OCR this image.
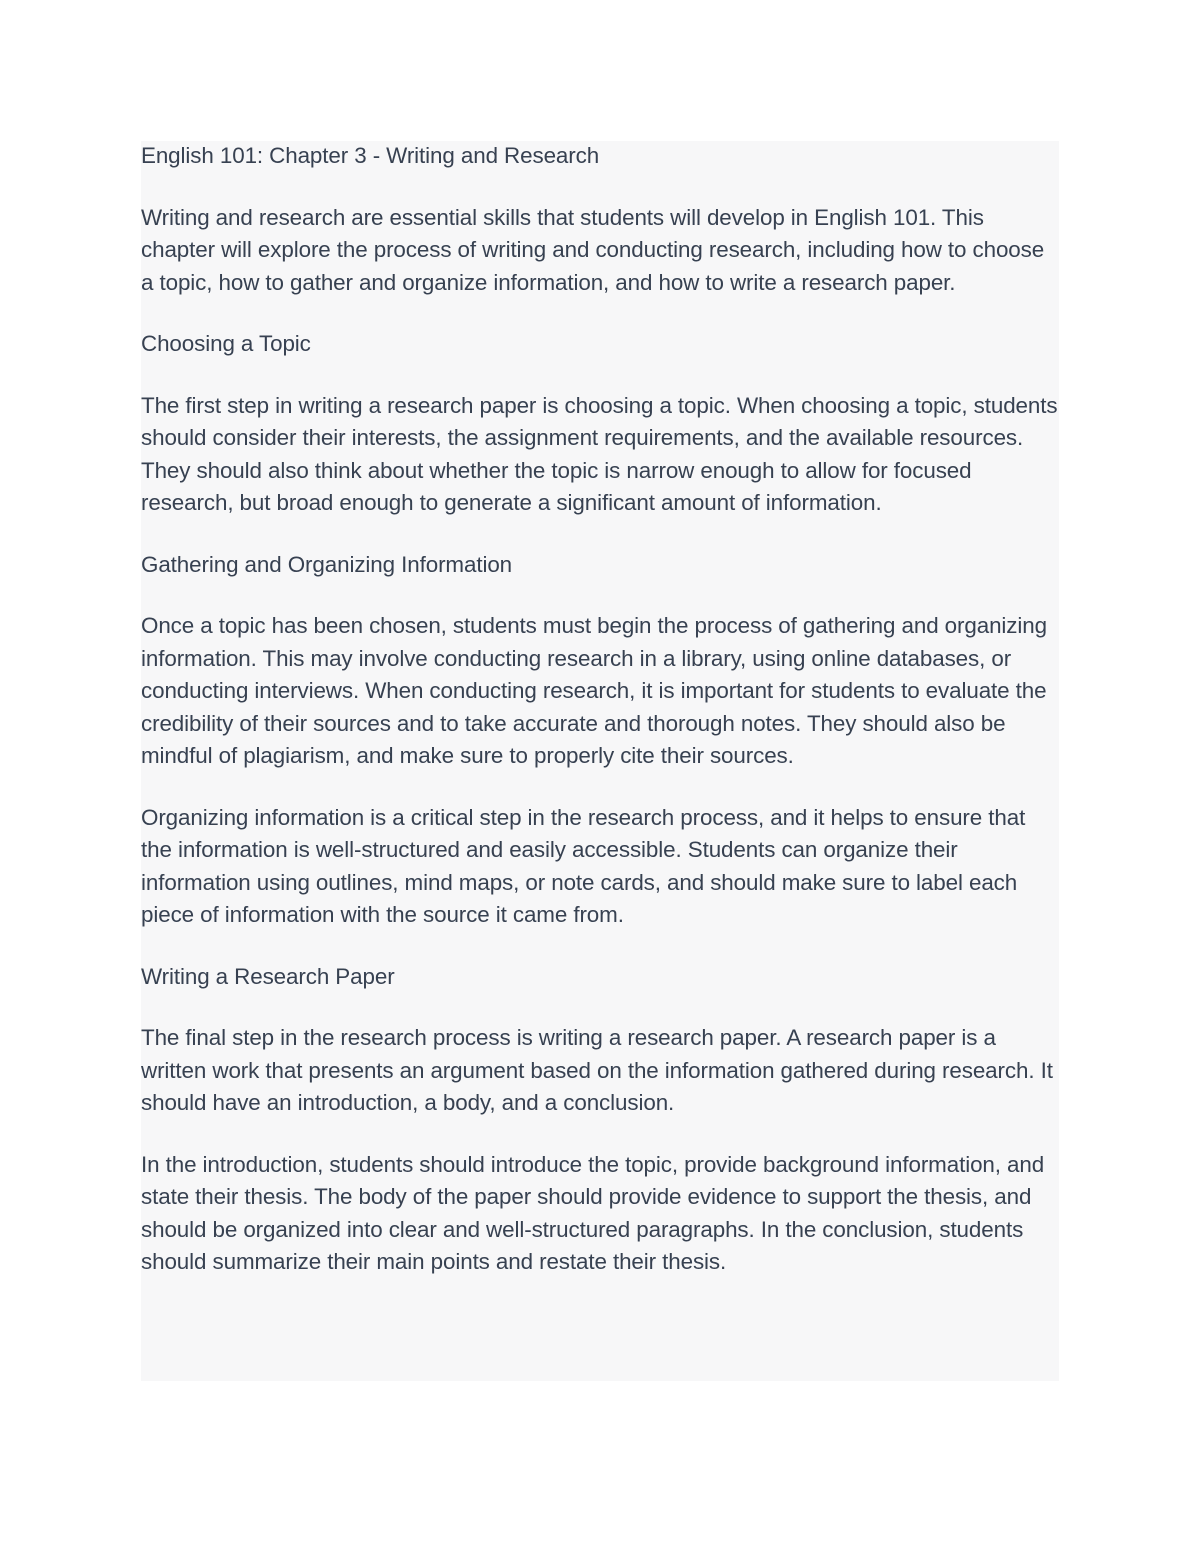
English 101: Chapter 3 - Writing and Research

Writing and research are essential skills that students will develop in English 101. This chapter will explore the process of writing and conducting research, including how to choose a topic, how to gather and organize information, and how to write a research paper.

Choosing a Topic

The first step in writing a research paper is choosing a topic. When choosing a topic, students should consider their interests, the assignment requirements, and the available resources. They should also think about whether the topic is narrow enough to allow for focused research, but broad enough to generate a significant amount of information.

Gathering and Organizing Information

Once a topic has been chosen, students must begin the process of gathering and organizing information. This may involve conducting research in a library, using online databases, or conducting interviews. When conducting research, it is important for students to evaluate the credibility of their sources and to take accurate and thorough notes. They should also be mindful of plagiarism, and make sure to properly cite their sources.

Organizing information is a critical step in the research process, and it helps to ensure that the information is well-structured and easily accessible. Students can organize their information using outlines, mind maps, or note cards, and should make sure to label each piece of information with the source it came from.

Writing a Research Paper

The final step in the research process is writing a research paper. A research paper is a written work that presents an argument based on the information gathered during research. It should have an introduction, a body, and a conclusion.

In the introduction, students should introduce the topic, provide background information, and state their thesis. The body of the paper should provide evidence to support the thesis, and should be organized into clear and well-structured paragraphs. In the conclusion, students should summarize their main points and restate their thesis.
